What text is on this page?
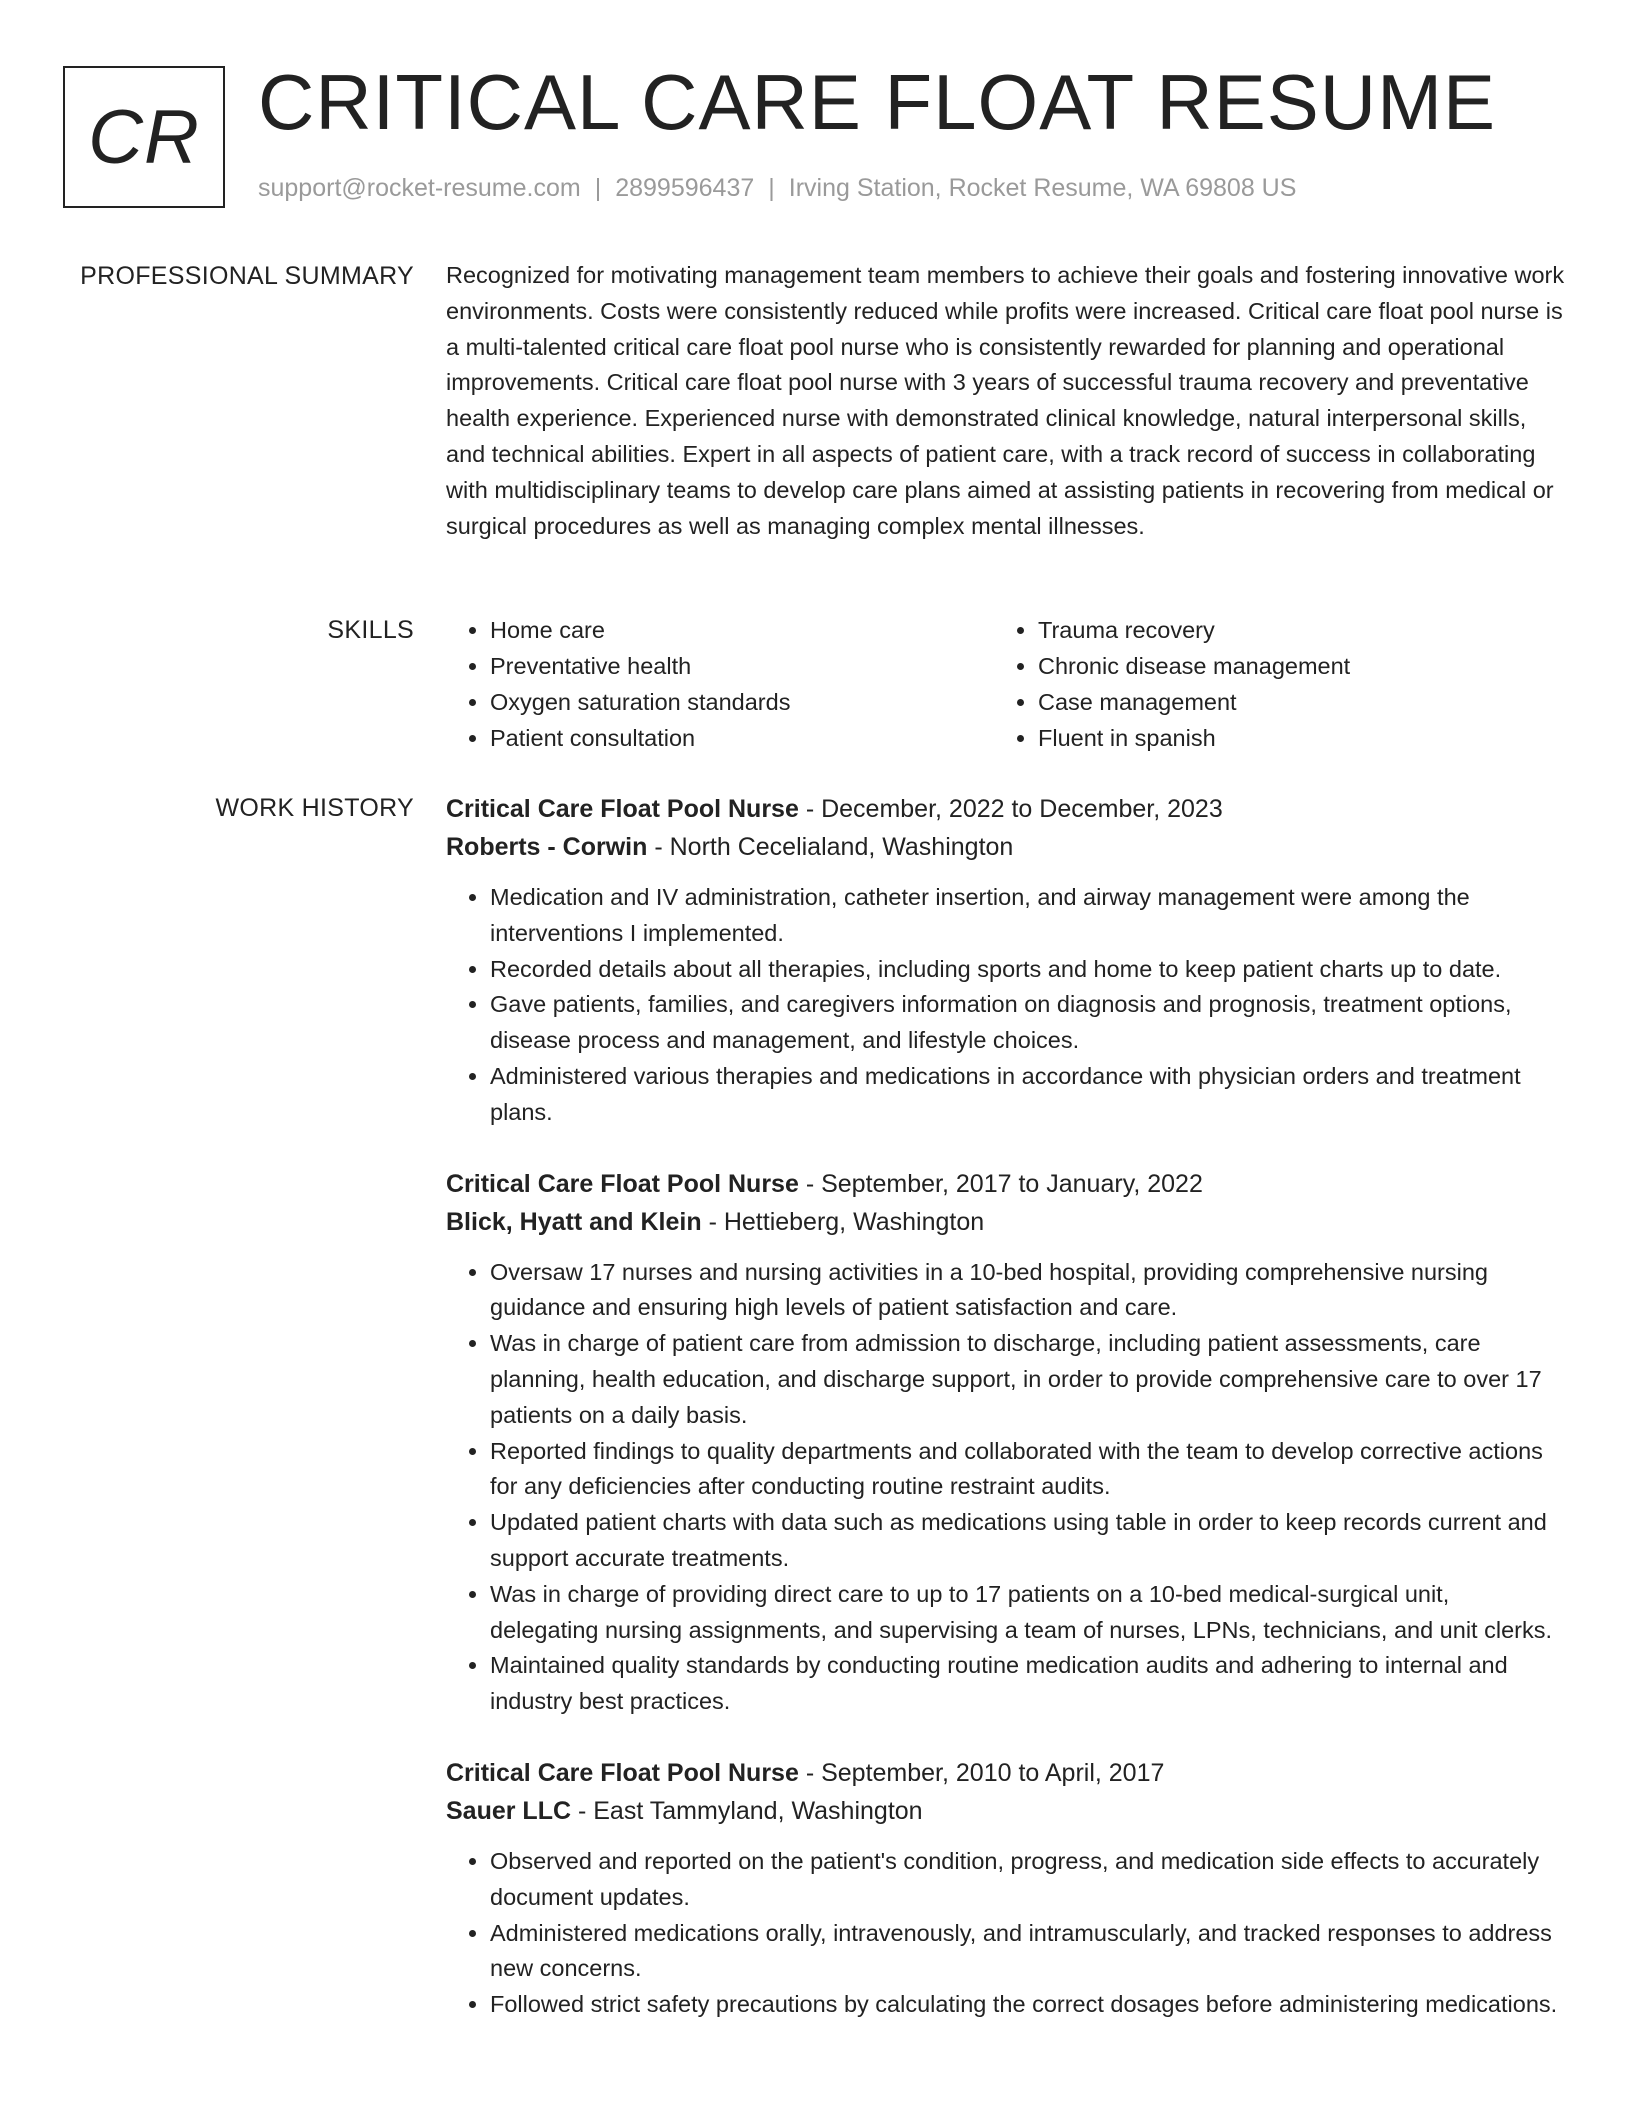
CR CRITICAL CARE FLOAT RESUME
support@rocket-resume.com | 2899596437 | Irving Station, Rocket Resume, WA 69808 US
PROFESSIONAL SUMMARY Recognized for motivating management team members to achieve their goals and fostering innovative work environments. Costs were consistently reduced while profits were increased. Critical care float pool nurse is a multi-talented critical care float pool nurse who is consistently rewarded for planning and operational improvements. Critical care float pool nurse with 3 years of successful trauma recovery and preventative health experience. Experienced nurse with demonstrated clinical knowledge, natural interpersonal skills, and technical abilities. Expert in all aspects of patient care, with a track record of success in collaborating with multidisciplinary teams to develop care plans aimed at assisting patients in recovering from medical or surgical procedures as well as managing complex mental illnesses.
SKILLS
•	Home care
• Preventative health
• Oxygen saturation standards
• Patient consultation
• Trauma recovery
• Chronic disease management
• Case management
• Fluent in spanish
WORK HISTORY Critical Care Float Pool Nurse - December, 2022 to December, 2023
Roberts - Corwin - North Cecelialand, Washington
• Medication and IV administration, catheter insertion, and airway management were among the interventions I implemented.
• Recorded details about all therapies, including sports and home to keep patient charts up to date.
• Gave patients, families, and caregivers information on diagnosis and prognosis, treatment options, disease process and management, and lifestyle choices.
• Administered various therapies and medications in accordance with physician orders and treatment plans.
Critical Care Float Pool Nurse - September, 2017 to January, 2022
Blick, Hyatt and Klein - Hettieberg, Washington
• Oversaw 17 nurses and nursing activities in a 10-bed hospital, providing comprehensive nursing guidance and ensuring high levels of patient satisfaction and care.
• Was in charge of patient care from admission to discharge, including patient assessments, care planning, health education, and discharge support, in order to provide comprehensive care to over 17 patients on a daily basis.
• Reported findings to quality departments and collaborated with the team to develop corrective actions for any deficiencies after conducting routine restraint audits.
• Updated patient charts with data such as medications using table in order to keep records current and support accurate treatments.
• Was in charge of providing direct care to up to 17 patients on a 10-bed medical-surgical unit, delegating nursing assignments, and supervising a team of nurses, LPNs, technicians, and unit clerks.
• Maintained quality standards by conducting routine medication audits and adhering to internal and industry best practices.
Critical Care Float Pool Nurse - September, 2010 to April, 2017
Sauer LLC - East Tammyland, Washington
• Observed and reported on the patient's condition, progress, and medication side effects to accurately document updates.
• Administered medications orally, intravenously, and intramuscularly, and tracked responses to address new concerns.
• Followed strict safety precautions by calculating the correct dosages before administering medications.
